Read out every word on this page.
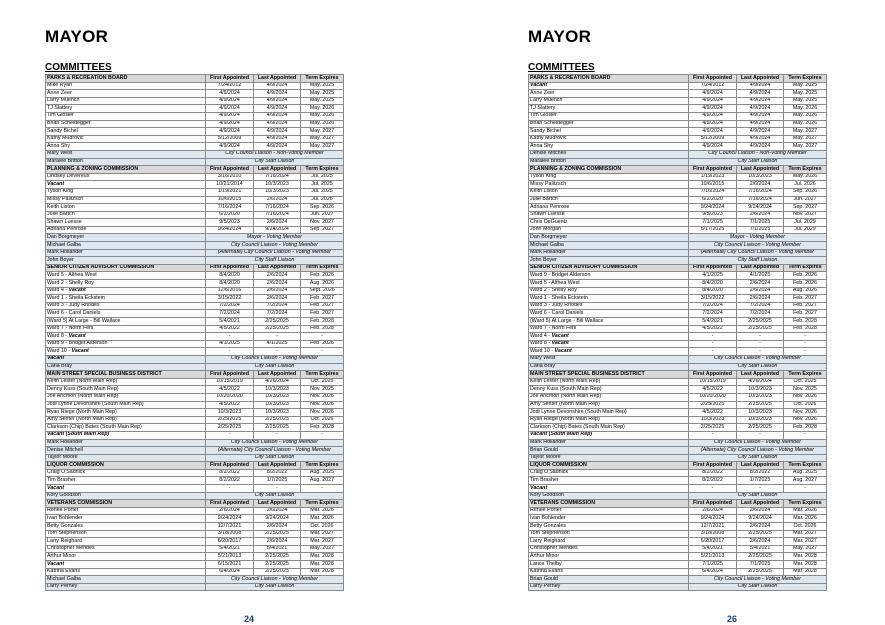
MAYOR
COMMITTEES
PARKS & RECREATION BOARD	First Appointed	Last Appointed	Term Expires
Mike Ryan	7/24/2012	4/9/2024	May. 2025
Anne Zeer	4/9/2024	4/9/2024	May. 2025
Larry Muench	4/9/2024	4/9/2024	May. 2025
TJ Slattery	4/9/2024	4/9/2024	May. 2026
Tim Glosier	4/9/2024	4/9/2024	May. 2026
Brian Scheidegger	4/9/2024	4/9/2024	May. 2026
Sandy Bichel	4/9/2024	4/9/2024	May. 2027
Kathy Mudrovic	5/12/2009	4/9/2024	May. 2027
Anna Shy	4/9/2024	4/9/2024	May. 2027
Mary West	City Council Liaison - Non-Voting Member		
Maralee Britton	City Staff Liaison		
PLANNING & ZONING COMMISSION	First Appointed	Last Appointed	Term Expires
Lindsey Devereux	3/16/2010	7/16/2024	Jul. 2025
Vacant	10/21/2014	10/3/2023	Jul. 2025
Tyson King	1/19/2021	10/3/2023	Jul. 2025
Missy Palitzsch	10/6/2015	2/6/2024	Jul. 2026
Keith Liston	7/16/2024	7/16/2024	Sep. 2026
Julie Bartch	6/2/2020	7/16/2024	Jun. 2027
Shawn Luesse	9/5/2023	2/6/2024	Nov. 2027
Adriana Penrose	9/24/2024	9/24/2024	Sep. 2027
Dan Borgmeyer	Mayor - Voting Member		
Michael Galba	City Council Liaison - Voting Member		
Mark Hollander	(Alternate) City Council Liaison - Voting Member		
John Boyer	City Staff Liaison		
SENIOR CITIZEN ADVISORY COMMISSION	First Appointed	Last Appointed	Term Expires
Ward 5 - Althea West	8/4/2020	2/6/2024	Feb. 2026
Ward 2 - Shelly Roy	8/4/2020	2/6/2024	Aug. 2026
Ward 4 - Vacant	12/6/2016	2/6/2024	Sept. 2026
Ward 1 - Sheila Eckstein	3/15/2022	2/6/2024	Feb. 2027
Ward 3 - Judy Rhodes	7/2/2024	7/2/2024	Feb. 2027
Ward 6 - Carol Daniels	7/2/2024	7/2/2024	Feb. 2027
(Ward 5) At Large - Bill Wallace	5/4/2021	2/25/2025	Feb. 2028
Ward 7 - Norm Fehl	4/5/2022	2/25/2025	Feb. 2028
Ward 8 - Vacant	-	-	-
Ward 9 - Bridget Alderson	4/1/2025	4/1/2025	Feb. 2026
Ward 10 - Vacant	-	-	-
Vacant	City Council Liaison - Voting Member		
Carla Bray	City Staff Liaison		
MAIN STREET SPECIAL BUSINESS DISTRICT	First Appointed	Last Appointed	Term Expires
Keith Lester (North Main Rep)	10/15/2019	4/26/2024	Oct. 2025
Denny Kuss (South Main Rep)	4/5/2022	10/3/2023	Nov. 2025
Joe Ancmon (North Main Rep)	10/20/2020	10/3/2023	Nov. 2026
Jodi Lynne Devonshire (South Main Rep)	4/5/2022	10/3/2023	Nov. 2026
Ryan Riege (North Main Rep)	10/3/2023	10/3/2023	Nov. 2026
Amy Senter (North Main Rep)	2/25/2025	2/25/2025	Oct. 2026
Clarkson (Chip) Bates (South Main Rep)	2/25/2025	2/25/2025	Feb. 2028
Vacant (South Main Rep)	-	-	-
Mark Hollander	City Council Liaison - Voting Member		
Denise Mitchell	(Alternate) City Council Liaison - Voting Member		
Taylor Moore	City Staff Liaison		
LIQUOR COMMISSION	First Appointed	Last Appointed	Term Expires
Craig O'Sadnick	8/2/2022	8/2/2022	Aug. 2025
Tim Brasher	8/2/2022	1/7/2025	Aug. 2027
Vacant	-	-	-
Kory Goodson	City Staff Liaison		
VETERANS COMMISSION	First Appointed	Last Appointed	Term Expires
Renee Porter	2/6/2024	2/6/2024	Mar. 2026
Ivan Bohlender	9/24/2024	9/24/2024	Mar. 2026
Betty Gonzales	12/7/2021	2/6/2024	Oct. 2026
Tom Stephenson	3/18/2008	2/25/2025	Mar. 2027
Larry Reighard	6/20/2017	2/6/2024	Mar. 2027
Christopher Mendes	5/4/2021	5/4/2021	May. 2027
Arthur Minor	5/21/2013	2/25/2025	Mar. 2028
Vacant	6/15/2021	2/25/2025	Mar. 2028
Katrina Evans	6/4/2024	2/25/2025	Mar. 2028
Michael Galba	City Council Liaison - Voting Member		
Larry Perney	City Staff Liaison		
24
MAYOR
COMMITTEES
PARKS & RECREATION BOARD	First Appointed	Last Appointed	Term Expires
Vacant	7/24/2012	4/9/2024	May. 2025
Anne Zeer	4/9/2024	4/9/2024	May. 2025
Larry Muench	4/9/2024	4/9/2024	May. 2025
TJ Slattery	4/9/2024	4/9/2024	May. 2026
Tim Glosier	4/9/2024	4/9/2024	May. 2026
Brian Scheidegger	4/9/2024	4/9/2024	May. 2026
Sandy Bichel	4/9/2024	4/9/2024	May. 2027
Kathy Mudrovic	5/12/2009	4/9/2024	May. 2027
Anna Shy	4/9/2024	4/9/2024	May. 2027
Denise Mitchell	City Council Liaison - Non-Voting Member		
Maralee Britton	City Staff Liaison		
PLANNING & ZONING COMMISSION	First Appointed	Last Appointed	Term Expires
Tyson King	1/19/2023	10/3/2023	May. 2026
Missy Palitzsch	10/6/2015	2/6/2024	Jul. 2026
Keith Liston	7/16/2024	7/16/2024	Sep. 2026
Julie Bartch	6/2/2020	7/16/2024	Jun. 2027
Adriana Penrose	9/24/2024	9/24/2024	Sep. 2027
Shawn Luesse	9/5/2023	2/6/2024	Nov. 2027
Chris DeGuentz	7/1/2025	7/1/2025	Jul. 2029
John Morgan	6/17/2025	7/1/2025	Jul. 2029
Dan Borgmeyer	Mayor - Voting Member		
Michael Galba	City Council Liaison - Voting Member		
Mark Hollander	(Alternate) City Council Liaison - Voting Member		
John Boyer	City Staff Liaison		
SENIOR CITIZEN ADVISORY COMMISSION	First Appointed	Last Appointed	Term Expires
Ward 9 - Bridget Alderson	4/1/2025	4/1/2025	Feb. 2026
Ward 5 - Althea West	8/4/2020	2/6/2024	Feb. 2026
Ward 2 - Shelly Roy	8/4/2020	2/6/2024	Aug. 2026
Ward 1 - Sheila Eckstein	3/15/2022	2/6/2024	Feb. 2027
Ward 3 - Judy Rhodes	7/2/2024	7/2/2024	Feb. 2027
Ward 6 - Carol Daniels	7/2/2024	7/2/2024	Feb. 2027
(Ward 5) At Large - Bill Wallace	5/4/2021	2/25/2025	Feb. 2028
Ward 7 - Norm Fehl	4/5/2022	2/25/2025	Feb. 2028
Ward 4 - Vacant	-	-	-
Ward 8 - Vacant	-	-	-
Ward 10 - Vacant	-	-	-
Mary West	City Council Liaison - Voting Member		
Carla Bray	City Staff Liaison		
MAIN STREET SPECIAL BUSINESS DISTRICT	First Appointed	Last Appointed	Term Expires
Keith Lester (North Main Rep)	10/15/2019	4/26/2024	Oct. 2025
Denny Kuss (South Main Rep)	4/5/2022	10/3/2023	Nov. 2025
Joe Ancmon (North Main Rep)	10/20/2020	10/3/2023	Nov. 2026
Amy Senter (North Main Rep)	2/25/2025	2/25/2025	Oct. 2026
Jodi Lynne Devonshire (South Main Rep)	4/5/2022	10/3/2023	Nov. 2026
Ryan Riege (North Main Rep)	10/3/2023	10/3/2023	Nov. 2026
Clarkson (Chip) Bates (South Main Rep)	2/25/2025	2/25/2025	Feb. 2028
Vacant (South Main Rep)	-	-	-
Mark Hollander	City Council Liaison - Voting Member		
Brian Gould	(Alternate) City Council Liaison - Voting Member		
Taylor Moore	City Staff Liaison		
LIQUOR COMMISSION	First Appointed	Last Appointed	Term Expires
Craig O'Sadnick	8/2/2022	8/2/2022	Aug. 2025
Tim Brasher	8/2/2022	1/7/2025	Aug. 2027
Vacant	-	-	-
Kory Goodson	City Staff Liaison		
VETERANS COMMISSION	First Appointed	Last Appointed	Term Expires
Renee Porter	2/6/2024	2/6/2024	Mar. 2026
Ivan Bohlender	9/24/2024	9/24/2024	Mar. 2026
Betty Gonzales	12/7/2021	2/6/2024	Oct. 2026
Tom Stephenson	3/18/2008	2/25/2025	Mar. 2027
Larry Reighard	6/20/2017	2/6/2024	Mar. 2027
Christopher Mendes	5/4/2021	5/4/2021	May. 2027
Arthur Minor	5/21/2013	2/25/2025	Mar. 2028
Lance Thelby	7/1/2025	7/1/2025	Mar. 2028
Katrina Evans	6/4/2024	2/25/2025	Mar. 2028
Brian Gould	City Council Liaison - Voting Member		
Larry Perney	City Staff Liaison		
26
